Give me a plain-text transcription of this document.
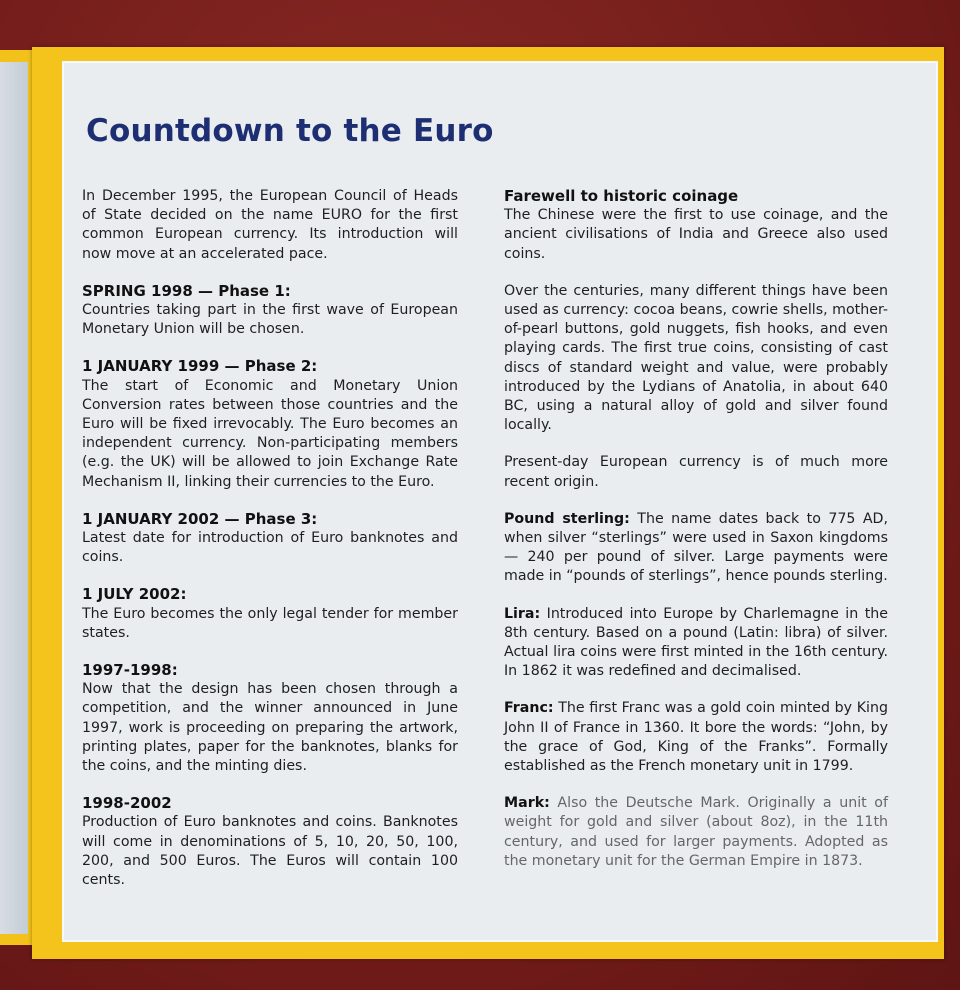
Countdown to the Euro

In December 1995, the European Council of Heads of State decided on the name EURO for the first common European currency. Its introduction will now move at an accelerated pace.

SPRING 1998 — Phase 1:

Countries taking part in the first wave of European Monetary Union will be chosen.

1 JANUARY 1999 — Phase 2:

The start of Economic and Monetary Union Conversion rates between those countries and the Euro will be fixed irrevocably. The Euro becomes an independent currency. Non-participating members (e.g. the UK) will be allowed to join Exchange Rate Mechanism II, linking their currencies to the Euro.

1 JANUARY 2002 — Phase 3:

Latest date for introduction of Euro banknotes and coins.

1 JULY 2002:

The Euro becomes the only legal tender for member states.

1997-1998:

Now that the design has been chosen through a competition, and the winner announced in June 1997, work is proceeding on preparing the artwork, printing plates, paper for the banknotes, blanks for the coins, and the minting dies.

1998-2002

Production of Euro banknotes and coins. Banknotes will come in denominations of 5, 10, 20, 50, 100, 200, and 500 Euros. The Euros will contain 100 cents.

Farewell to historic coinage

The Chinese were the first to use coinage, and the ancient civilisations of India and Greece also used coins.

Over the centuries, many different things have been used as currency: cocoa beans, cowrie shells, mother-of-pearl buttons, gold nuggets, fish hooks, and even playing cards. The first true coins, consisting of cast discs of standard weight and value, were probably introduced by the Lydians of Anatolia, in about 640 BC, using a natural alloy of gold and silver found locally.

Present-day European currency is of much more recent origin.

Pound sterling: The name dates back to 775 AD, when silver “sterlings” were used in Saxon kingdoms — 240 per pound of silver. Large payments were made in “pounds of sterlings”, hence pounds sterling.

Lira: Introduced into Europe by Charlemagne in the 8th century. Based on a pound (Latin: libra) of silver. Actual lira coins were first minted in the 16th century. In 1862 it was redefined and decimalised.

Franc: The first Franc was a gold coin minted by King John II of France in 1360. It bore the words: “John, by the grace of God, King of the Franks”. Formally established as the French monetary unit in 1799.

Mark: Also the Deutsche Mark. Originally a unit of weight for gold and silver (about 8oz), in the 11th century, and used for larger payments. Adopted as the monetary unit for the German Empire in 1873.
